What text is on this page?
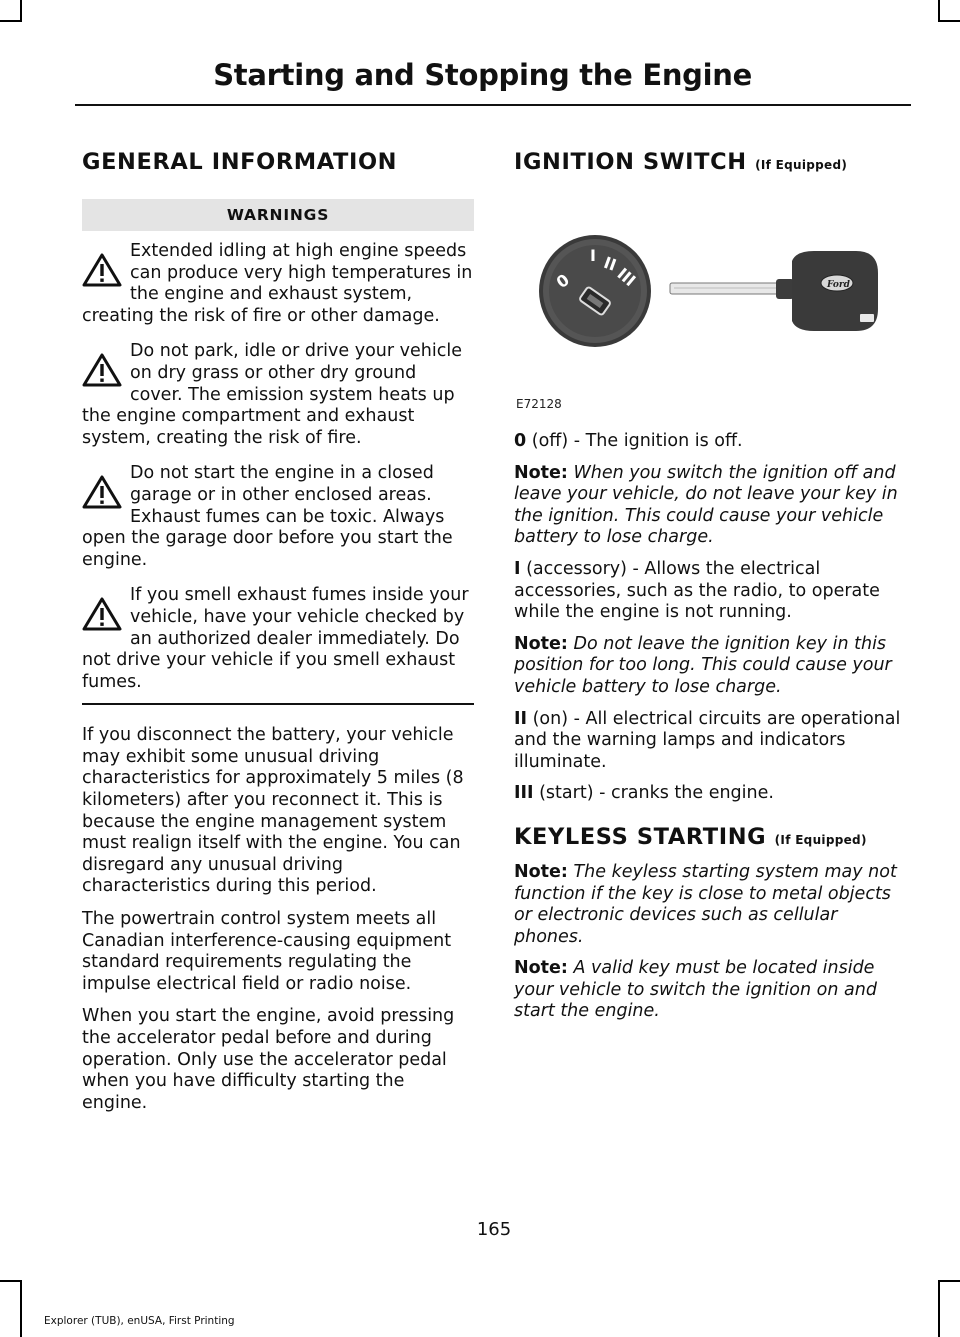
Starting and Stopping the Engine
GENERAL INFORMATION
WARNINGS
Extended idling at high engine speeds can produce very high temperatures in the engine and exhaust system, creating the risk of fire or other damage.
Do not park, idle or drive your vehicle on dry grass or other dry ground cover. The emission system heats up the engine compartment and exhaust system, creating the risk of fire.
Do not start the engine in a closed garage or in other enclosed areas. Exhaust fumes can be toxic. Always open the garage door before you start the engine.
If you smell exhaust fumes inside your vehicle, have your vehicle checked by an authorized dealer immediately. Do not drive your vehicle if you smell exhaust fumes.

If you disconnect the battery, your vehicle may exhibit some unusual driving characteristics for approximately 5 miles (8 kilometers) after you reconnect it. This is because the engine management system must realign itself with the engine. You can disregard any unusual driving characteristics during this period.

The powertrain control system meets all Canadian interference-causing equipment standard requirements regulating the impulse electrical field or radio noise.

When you start the engine, avoid pressing the accelerator pedal before and during operation. Only use the accelerator pedal when you have difficulty starting the engine.

IGNITION SWITCH (If Equipped)
0
I II
III	Ford
E72128

0 (off) - The ignition is off.

Note: When you switch the ignition off and leave your vehicle, do not leave your key in the ignition. This could cause your vehicle battery to lose charge.

I (accessory) - Allows the electrical accessories, such as the radio, to operate while the engine is not running.

Note: Do not leave the ignition key in this position for too long. This could cause your vehicle battery to lose charge.

II (on) - All electrical circuits are operational and the warning lamps and indicators illuminate.

III (start) - cranks the engine.

KEYLESS STARTING (If Equipped)

Note: The keyless starting system may not function if the key is close to metal objects or electronic devices such as cellular phones.

Note: A valid key must be located inside your vehicle to switch the ignition on and start the engine.

165
Explorer (TUB), enUSA, First Printing
